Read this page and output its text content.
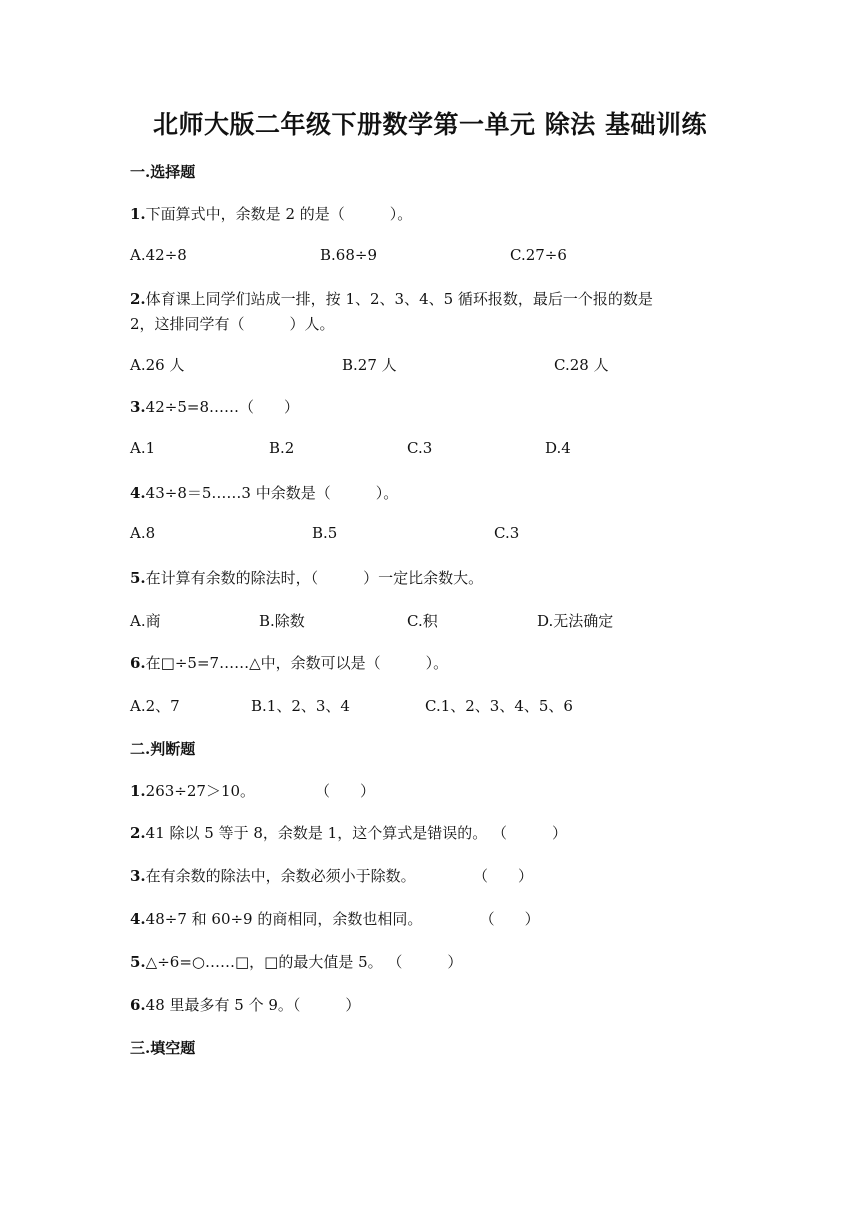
北师大版二年级下册数学第一单元 除法 基础训练
一.选择题
1.下面算式中，余数是 2 的是（　　　）。
A.42÷8	B.68÷9	C.27÷6
2.体育课上同学们站成一排，按 1、2、3、4、5 循环报数，最后一个报的数是
2，这排同学有（　　　）人。
A.26 人	B.27 人	C.28 人
3.42÷5=8……（　　）
A.1	B.2	C.3	D.4
4.43÷8＝5……3 中余数是（　　　）。
A.8	B.5	C.3
5.在计算有余数的除法时，（　　　）一定比余数大。
A.商	B.除数	C.积	D.无法确定
6.在□÷5=7……△中，余数可以是（　　　）。
A.2、7	B.1、2、3、4	C.1、2、3、4、5、6
二.判断题
1.263÷27＞10。　　　　　（　　）
2.41 除以 5 等于 8，余数是 1，这个算式是错误的。 （　　　）
3.在有余数的除法中，余数必须小于除数。　　　　 （　　）
4.48÷7 和 60÷9 的商相同，余数也相同。　　　　 （　　）
5.△÷6=○……□，□的最大值是 5。 （　　　）
6.48 里最多有 5 个 9。（　　　）
三.填空题
